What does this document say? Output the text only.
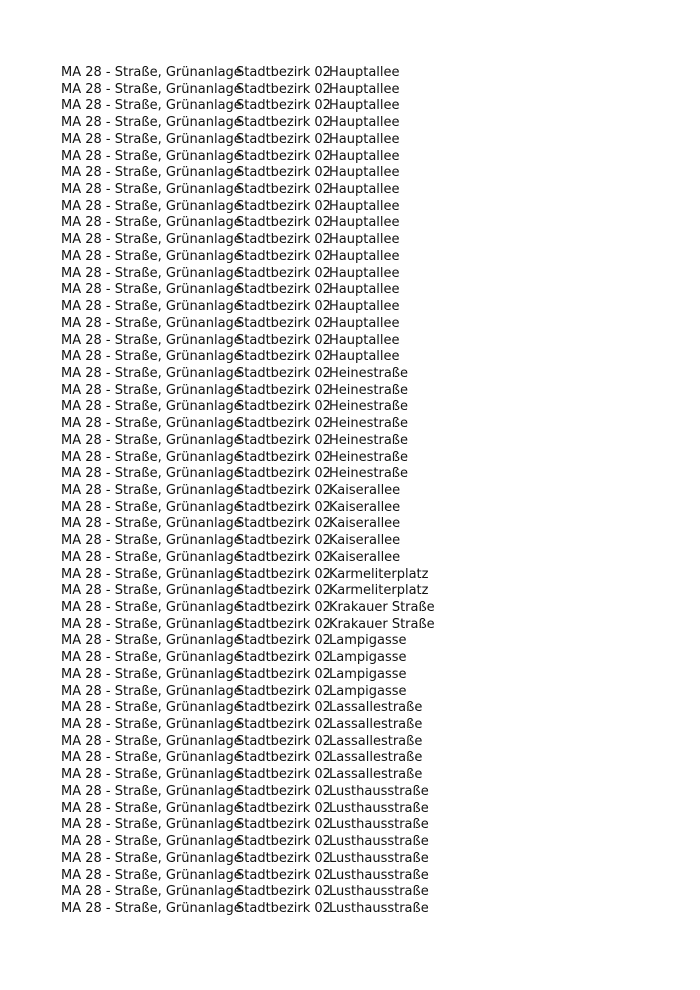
MA 28 - Straße, Grünanlage
Stadtbezirk 02
Hauptallee
MA 28 - Straße, Grünanlage
Stadtbezirk 02
Hauptallee
MA 28 - Straße, Grünanlage
Stadtbezirk 02
Hauptallee
MA 28 - Straße, Grünanlage
Stadtbezirk 02
Hauptallee
MA 28 - Straße, Grünanlage
Stadtbezirk 02
Hauptallee
MA 28 - Straße, Grünanlage
Stadtbezirk 02
Hauptallee
MA 28 - Straße, Grünanlage
Stadtbezirk 02
Hauptallee
MA 28 - Straße, Grünanlage
Stadtbezirk 02
Hauptallee
MA 28 - Straße, Grünanlage
Stadtbezirk 02
Hauptallee
MA 28 - Straße, Grünanlage
Stadtbezirk 02
Hauptallee
MA 28 - Straße, Grünanlage
Stadtbezirk 02
Hauptallee
MA 28 - Straße, Grünanlage
Stadtbezirk 02
Hauptallee
MA 28 - Straße, Grünanlage
Stadtbezirk 02
Hauptallee
MA 28 - Straße, Grünanlage
Stadtbezirk 02
Hauptallee
MA 28 - Straße, Grünanlage
Stadtbezirk 02
Hauptallee
MA 28 - Straße, Grünanlage
Stadtbezirk 02
Hauptallee
MA 28 - Straße, Grünanlage
Stadtbezirk 02
Hauptallee
MA 28 - Straße, Grünanlage
Stadtbezirk 02
Hauptallee
MA 28 - Straße, Grünanlage
Stadtbezirk 02
Heinestraße
MA 28 - Straße, Grünanlage
Stadtbezirk 02
Heinestraße
MA 28 - Straße, Grünanlage
Stadtbezirk 02
Heinestraße
MA 28 - Straße, Grünanlage
Stadtbezirk 02
Heinestraße
MA 28 - Straße, Grünanlage
Stadtbezirk 02
Heinestraße
MA 28 - Straße, Grünanlage
Stadtbezirk 02
Heinestraße
MA 28 - Straße, Grünanlage
Stadtbezirk 02
Heinestraße
MA 28 - Straße, Grünanlage
Stadtbezirk 02
Kaiserallee
MA 28 - Straße, Grünanlage
Stadtbezirk 02
Kaiserallee
MA 28 - Straße, Grünanlage
Stadtbezirk 02
Kaiserallee
MA 28 - Straße, Grünanlage
Stadtbezirk 02
Kaiserallee
MA 28 - Straße, Grünanlage
Stadtbezirk 02
Kaiserallee
MA 28 - Straße, Grünanlage
Stadtbezirk 02
Karmeliterplatz
MA 28 - Straße, Grünanlage
Stadtbezirk 02
Karmeliterplatz
MA 28 - Straße, Grünanlage
Stadtbezirk 02
Krakauer Straße
MA 28 - Straße, Grünanlage
Stadtbezirk 02
Krakauer Straße
MA 28 - Straße, Grünanlage
Stadtbezirk 02
Lampigasse
MA 28 - Straße, Grünanlage
Stadtbezirk 02
Lampigasse
MA 28 - Straße, Grünanlage
Stadtbezirk 02
Lampigasse
MA 28 - Straße, Grünanlage
Stadtbezirk 02
Lampigasse
MA 28 - Straße, Grünanlage
Stadtbezirk 02
Lassallestraße
MA 28 - Straße, Grünanlage
Stadtbezirk 02
Lassallestraße
MA 28 - Straße, Grünanlage
Stadtbezirk 02
Lassallestraße
MA 28 - Straße, Grünanlage
Stadtbezirk 02
Lassallestraße
MA 28 - Straße, Grünanlage
Stadtbezirk 02
Lassallestraße
MA 28 - Straße, Grünanlage
Stadtbezirk 02
Lusthausstraße
MA 28 - Straße, Grünanlage
Stadtbezirk 02
Lusthausstraße
MA 28 - Straße, Grünanlage
Stadtbezirk 02
Lusthausstraße
MA 28 - Straße, Grünanlage
Stadtbezirk 02
Lusthausstraße
MA 28 - Straße, Grünanlage
Stadtbezirk 02
Lusthausstraße
MA 28 - Straße, Grünanlage
Stadtbezirk 02
Lusthausstraße
MA 28 - Straße, Grünanlage
Stadtbezirk 02
Lusthausstraße
MA 28 - Straße, Grünanlage
Stadtbezirk 02
Lusthausstraße
